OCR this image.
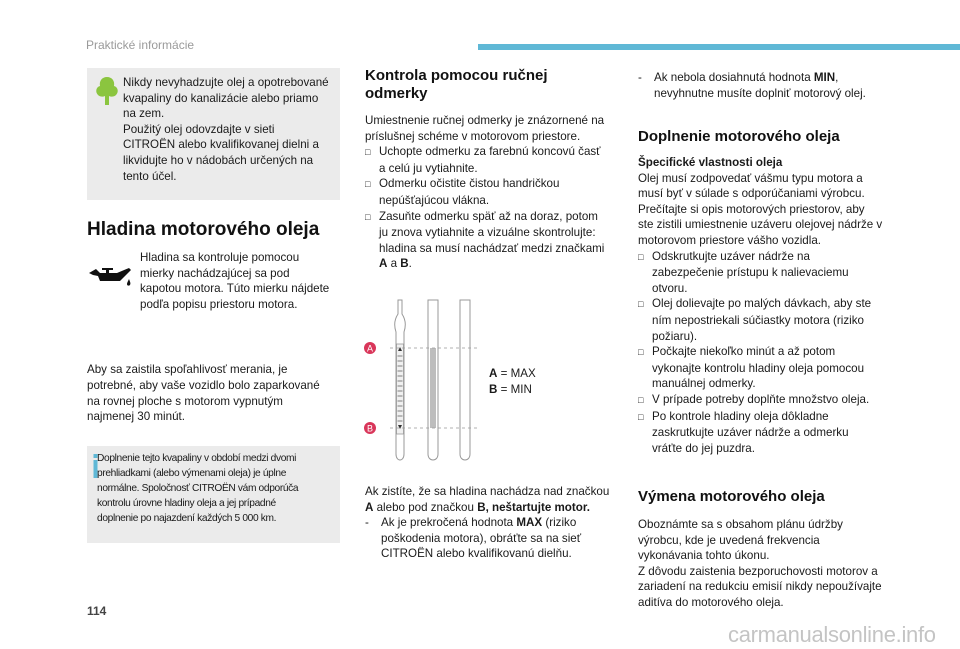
Praktické informácie
Nikdy nevyhadzujte olej a opotrebované
kvapaliny do kanalizácie alebo priamo
na zem.
Použitý olej odovzdajte v sieti
CITROËN alebo kvalifikovanej dielni a
likvidujte ho v nádobách určených na
tento účel.
Hladina motorového oleja
Hladina sa kontroluje pomocou
mierky nachádzajúcej sa pod
kapotou motora. Túto mierku nájdete
podľa popisu priestoru motora.
Aby sa zaistila spoľahlivosť merania, je
potrebné, aby vaše vozidlo bolo zaparkované
na rovnej ploche s motorom vypnutým
najmenej 30 minút.
Doplnenie tejto kvapaliny v období medzi dvomi
prehliadkami (alebo výmenami oleja) je úplne
normálne. Spoločnosť CITROËN vám odporúča
kontrolu úrovne hladiny oleja a jej prípadné
doplnenie po najazdení každých 5 000 km.
Kontrola pomocou ručnej
odmerky
Umiestnenie ručnej odmerky je znázornené na
príslušnej schéme v motorovom priestore.
□ Uchopte odmerku za farebnú koncovú časť
a celú ju vytiahnite.
□ Odmerku očistite čistou handričkou
nepúšťajúcou vlákna.
□ Zasuňte odmerku späť až na doraz, potom
ju znova vytiahnite a vizuálne skontrolujte:
hladina sa musí nachádzať medzi značkami
A a B.
A
B
A = MAX
B = MIN
Ak zistíte, že sa hladina nachádza nad značkou
A alebo pod značkou B, neštartujte motor.
- Ak je prekročená hodnota MAX (riziko
poškodenia motora), obráťte sa na sieť
CITROËN alebo kvalifikovanú dielňu.
- Ak nebola dosiahnutá hodnota MIN,
nevyhnutne musíte doplniť motorový olej.
Doplnenie motorového oleja
Špecifické vlastnosti oleja
Olej musí zodpovedať vášmu typu motora a
musí byť v súlade s odporúčaniami výrobcu.
Prečítajte si opis motorových priestorov, aby
ste zistili umiestnenie uzáveru olejovej nádrže v
motorovom priestore vášho vozidla.
□ Odskrutkujte uzáver nádrže na
zabezpečenie prístupu k nalievaciemu
otvoru.
□ Olej dolievajte po malých dávkach, aby ste
ním nepostriekali súčiastky motora (riziko
požiaru).
□ Počkajte niekoľko minút a až potom
vykonajte kontrolu hladiny oleja pomocou
manuálnej odmerky.
□ V prípade potreby doplňte množstvo oleja.
□ Po kontrole hladiny oleja dôkladne
zaskrutkujte uzáver nádrže a odmerku
vráťte do jej puzdra.
Výmena motorového oleja
Oboznámte sa s obsahom plánu údržby
výrobcu, kde je uvedená frekvencia
vykonávania tohto úkonu.
Z dôvodu zaistenia bezporuchovosti motorov a
zariadení na redukciu emisií nikdy nepoužívajte
aditíva do motorového oleja.
114
carmanualsonline.info
